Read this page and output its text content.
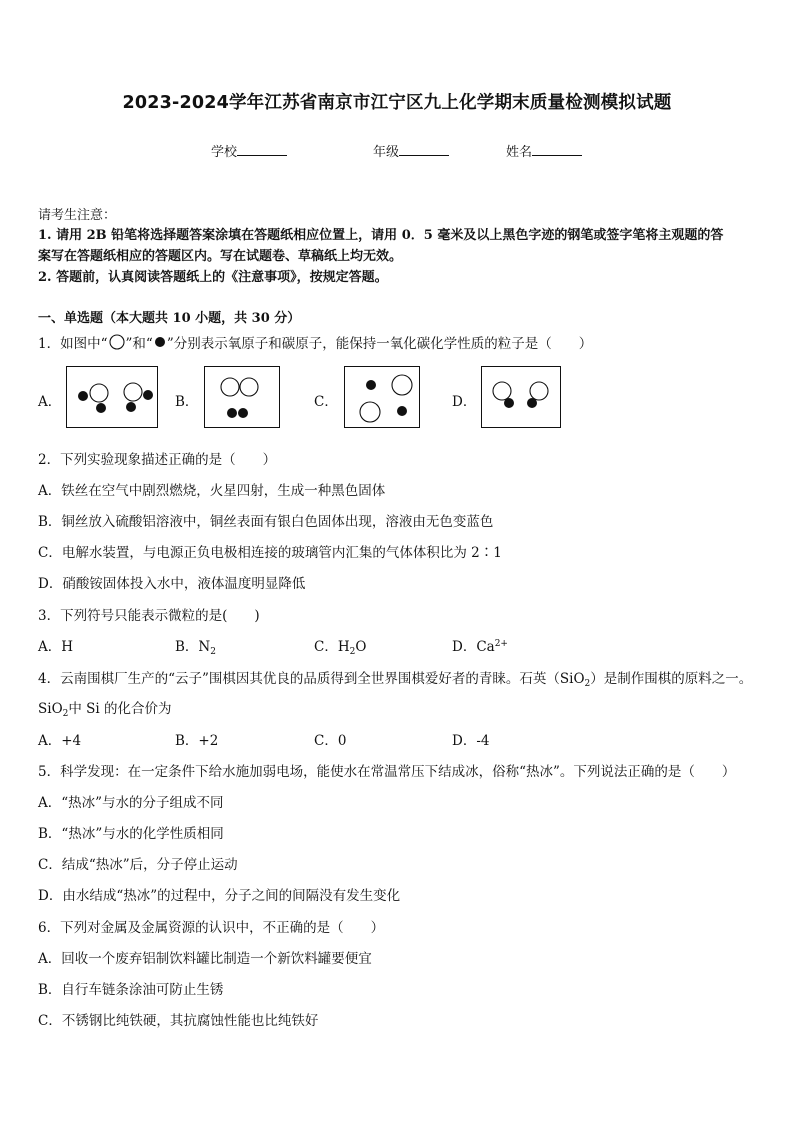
2023-2024学年江苏省南京市江宁区九上化学期末质量检测模拟试题
学校	年级	姓名
请考生注意：
1. 请用 2B 铅笔将选择题答案涂填在答题纸相应位置上，请用 0．5 毫米及以上黑色字迹的钢笔或签字笔将主观题的答
案写在答题纸相应的答题区内。写在试题卷、草稿纸上均无效。
2. 答题前，认真阅读答题纸上的《注意事项》，按规定答题。
一、单选题（本大题共 10 小题，共 30 分）
1．如图中“ ”和“ ”分别表示氧原子和碳原子，能保持一氧化碳化学性质的粒子是（　　）
A．	B．	C．	D．
2．下列实验现象描述正确的是（　　）
A．铁丝在空气中剧烈燃烧，火星四射，生成一种黑色固体
B．铜丝放入硫酸铝溶液中，铜丝表面有银白色固体出现，溶液由无色变蓝色
C．电解水装置，与电源正负电极相连接的玻璃管内汇集的气体体积比为 2∶1
D．硝酸铵固体投入水中，液体温度明显降低
3．下列符号只能表示微粒的是(　　)
A．H	B．$N_2$	C．$H_2O$	D．$Ca^{2+}$
4．云南围棋厂生产的“云子”围棋因其优良的品质得到全世界围棋爱好者的青睐。石英（SiO$_2$）是制作围棋的原料之一。
SiO$_2$中 Si 的化合价为
A．+4	B．+2	C．0	D．-4
5．科学发现：在一定条件下给水施加弱电场，能使水在常温常压下结成冰，俗称“热冰”。下列说法正确的是（　　）
A．“热冰”与水的分子组成不同
B．“热冰”与水的化学性质相同
C．结成“热冰”后，分子停止运动
D．由水结成“热冰”的过程中，分子之间的间隔没有发生变化
6．下列对金属及金属资源的认识中，不正确的是（　　）
A．回收一个废弃铝制饮料罐比制造一个新饮料罐要便宜
B．自行车链条涂油可防止生锈
C．不锈钢比纯铁硬，其抗腐蚀性能也比纯铁好
